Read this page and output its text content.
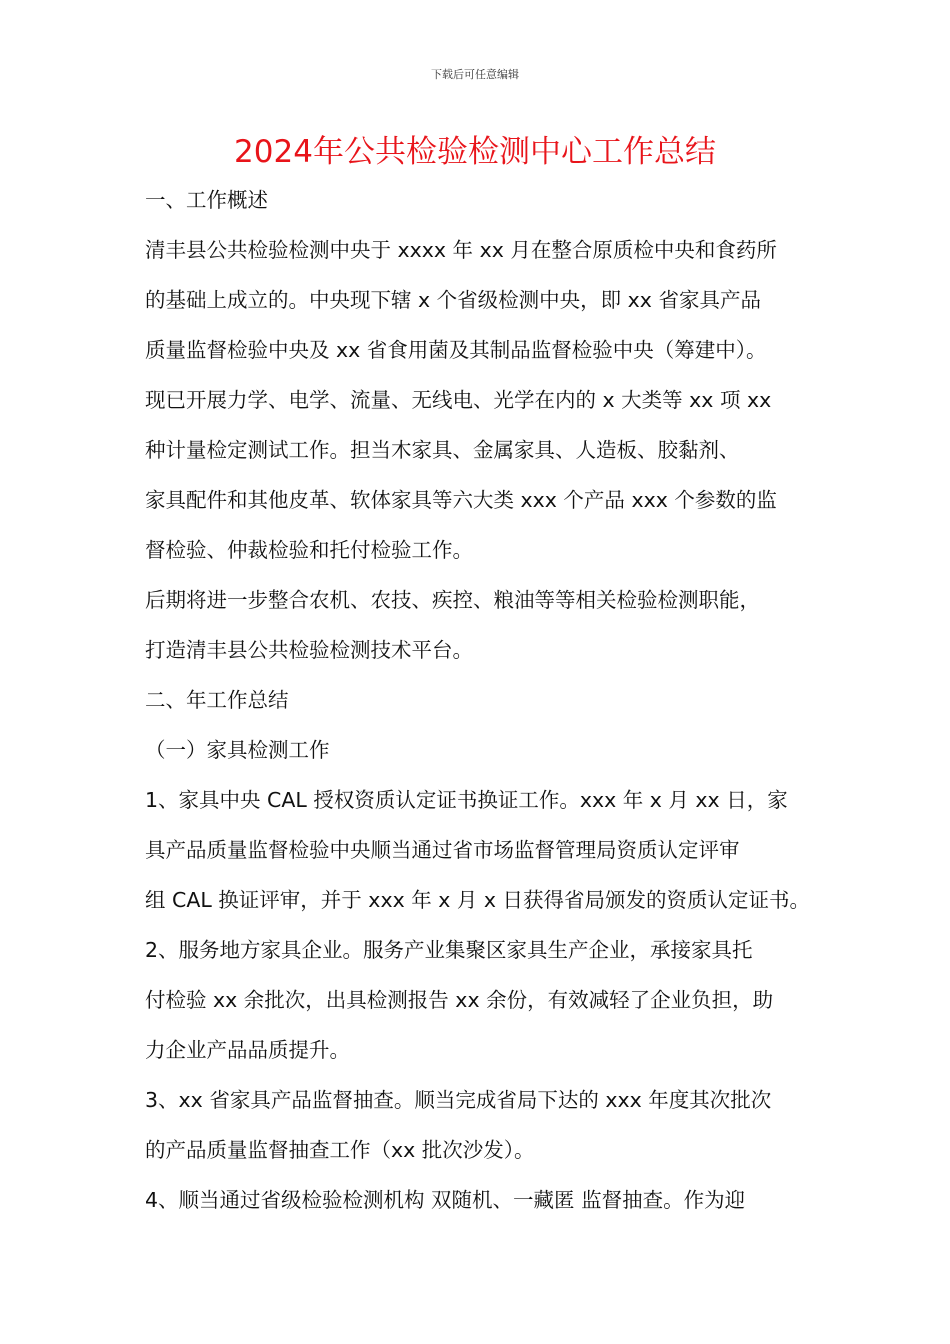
下载后可任意编辑
2024年公共检验检测中心工作总结
一、工作概述
清丰县公共检验检测中央于 xxxx 年 xx 月在整合原质检中央和食药所
的基础上成立的。中央现下辖 x 个省级检测中央，即 xx 省家具产品
质量监督检验中央及 xx 省食用菌及其制品监督检验中央（筹建中）。
现已开展力学、电学、流量、无线电、光学在内的 x 大类等 xx 项 xx
种计量检定测试工作。担当木家具、金属家具、人造板、胶黏剂、
家具配件和其他皮革、软体家具等六大类 xxx 个产品 xxx 个参数的监
督检验、仲裁检验和托付检验工作。
后期将进一步整合农机、农技、疾控、粮油等等相关检验检测职能，
打造清丰县公共检验检测技术平台。
二、年工作总结
（一）家具检测工作
1、家具中央 CAL 授权资质认定证书换证工作。xxx 年 x 月 xx 日，家
具产品质量监督检验中央顺当通过省市场监督管理局资质认定评审
组 CAL 换证评审，并于 xxx 年 x 月 x 日获得省局颁发的资质认定证书。
2、服务地方家具企业。服务产业集聚区家具生产企业，承接家具托
付检验 xx 余批次，出具检测报告 xx 余份，有效减轻了企业负担，助
力企业产品品质提升。
3、xx 省家具产品监督抽查。顺当完成省局下达的 xxx 年度其次批次
的产品质量监督抽查工作（xx 批次沙发）。
4、顺当通过省级检验检测机构 双随机、一藏匿 监督抽查。作为迎
